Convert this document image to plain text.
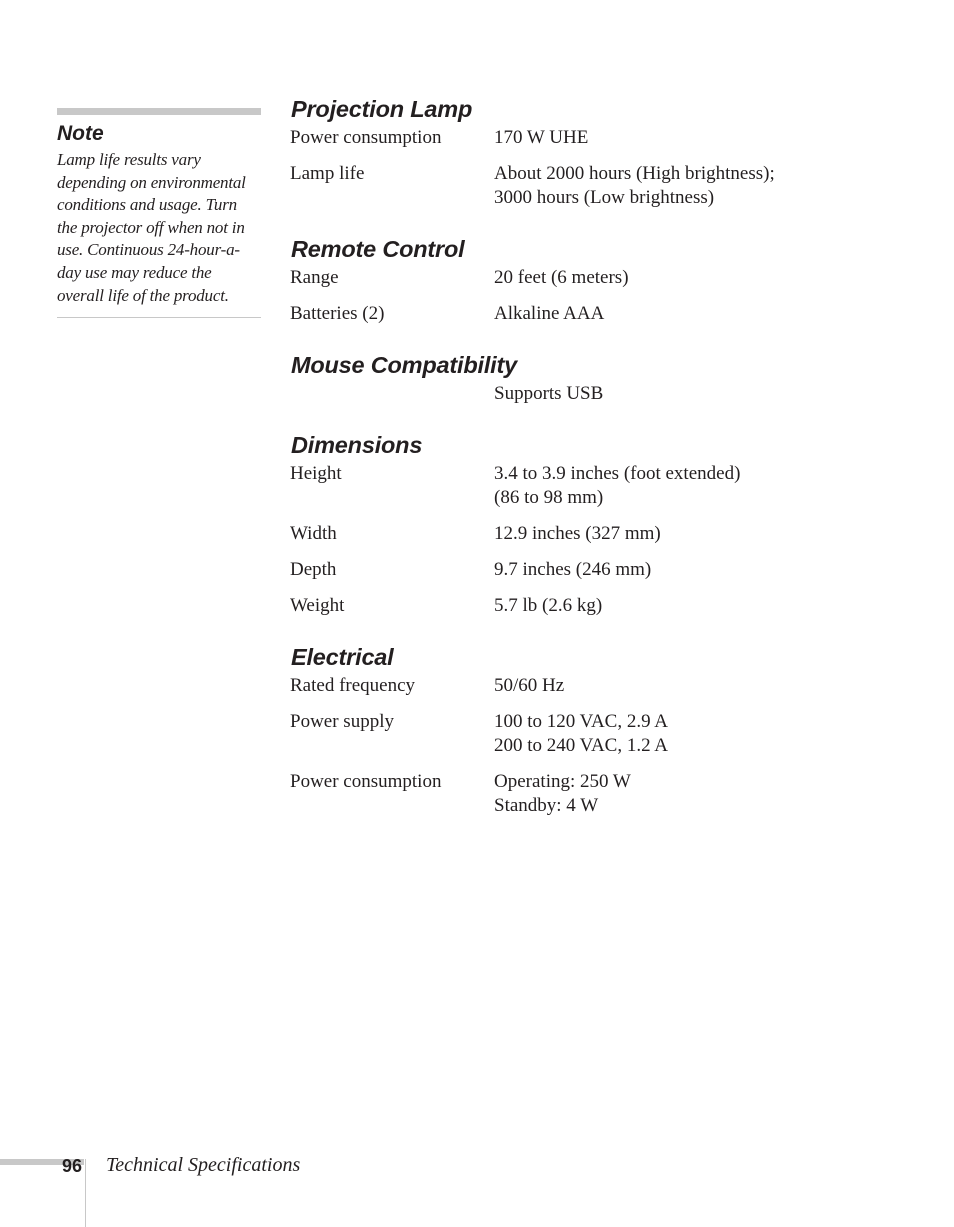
Note

Lamp life results vary depending on environmental conditions and usage. Turn the projector off when not in use. Continuous 24-hour-a-day use may reduce the overall life of the product.

Projection Lamp
Power consumption	170 W UHE
Lamp life	About 2000 hours (High brightness);
3000 hours (Low brightness)
Remote Control
Range	20 feet (6 meters)
Batteries (2)	Alkaline AAA
Mouse Compatibility
Supports USB
Dimensions
Height	3.4 to 3.9 inches (foot extended)
(86 to 98 mm)
Width	12.9 inches (327 mm)
Depth	9.7 inches (246 mm)
Weight	5.7 lb (2.6 kg)
Electrical
Rated frequency	50/60 Hz
Power supply	100 to 120 VAC, 2.9 A
200 to 240 VAC, 1.2 A
Power consumption	Operating: 250 W
Standby: 4 W
96 Technical Specifications
